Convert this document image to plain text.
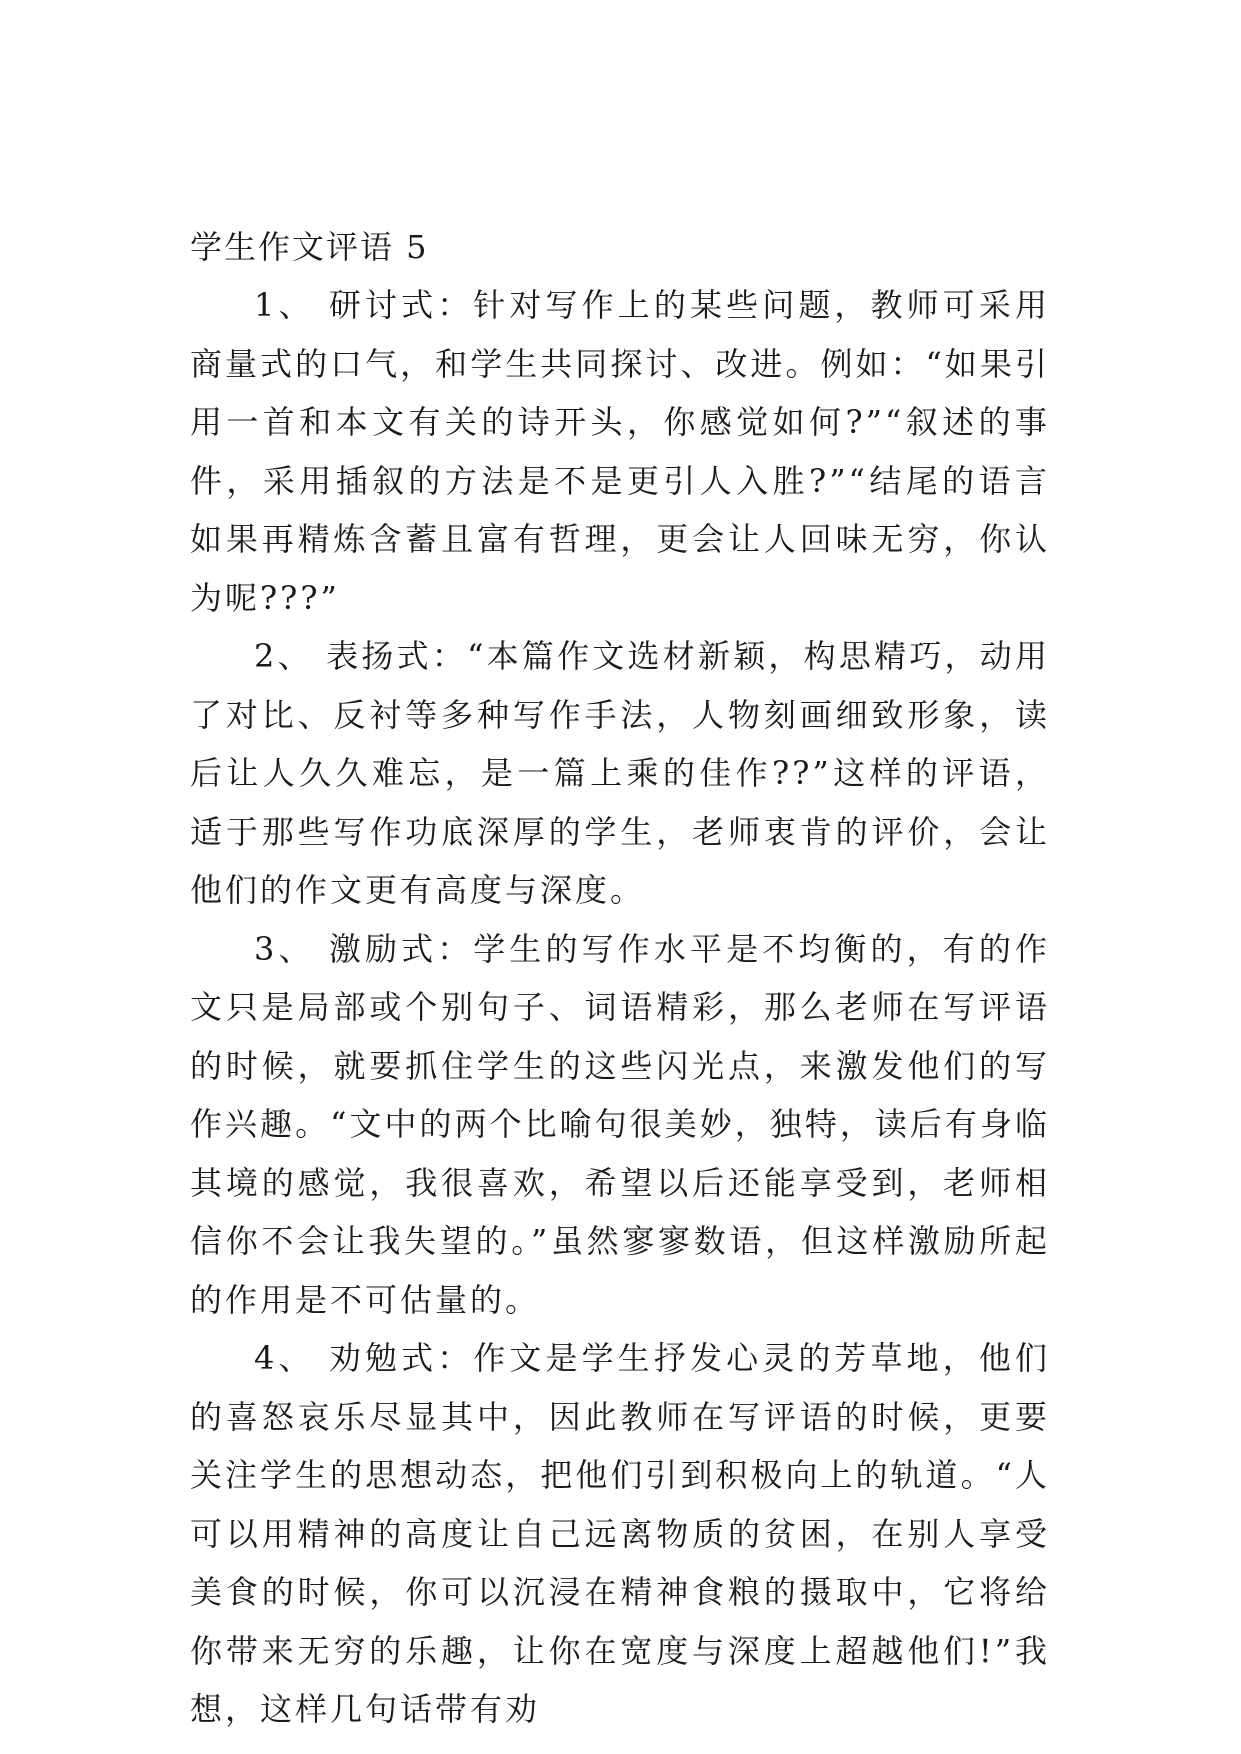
学生作文评语 5

1、 研讨式：针对写作上的某些问题，教师可采用商量式的口气，和学生共同探讨、改进。例如：“如果引用一首和本文有关的诗开头，你感觉如何?”“叙述的事件，采用插叙的方法是不是更引人入胜?”“结尾的语言如果再精炼含蓄且富有哲理，更会让人回味无穷，你认为呢???”

2、 表扬式：“本篇作文选材新颖，构思精巧，动用了对比、反衬等多种写作手法，人物刻画细致形象，读后让人久久难忘，是一篇上乘的佳作??”这样的评语，适于那些写作功底深厚的学生，老师衷肯的评价，会让他们的作文更有高度与深度。

3、 激励式：学生的写作水平是不均衡的，有的作文只是局部或个别句子、词语精彩，那么老师在写评语的时候，就要抓住学生的这些闪光点，来激发他们的写作兴趣。“文中的两个比喻句很美妙，独特，读后有身临其境的感觉，我很喜欢，希望以后还能享受到，老师相信你不会让我失望的。”虽然寥寥数语，但这样激励所起的作用是不可估量的。

4、 劝勉式：作文是学生抒发心灵的芳草地，他们的喜怒哀乐尽显其中，因此教师在写评语的时候，更要关注学生的思想动态，把他们引到积极向上的轨道。“人可以用精神的高度让自己远离物质的贫困，在别人享受美食的时候，你可以沉浸在精神食粮的摄取中，它将给你带来无穷的乐趣，让你在宽度与深度上超越他们!”我想，这样几句话带有劝
